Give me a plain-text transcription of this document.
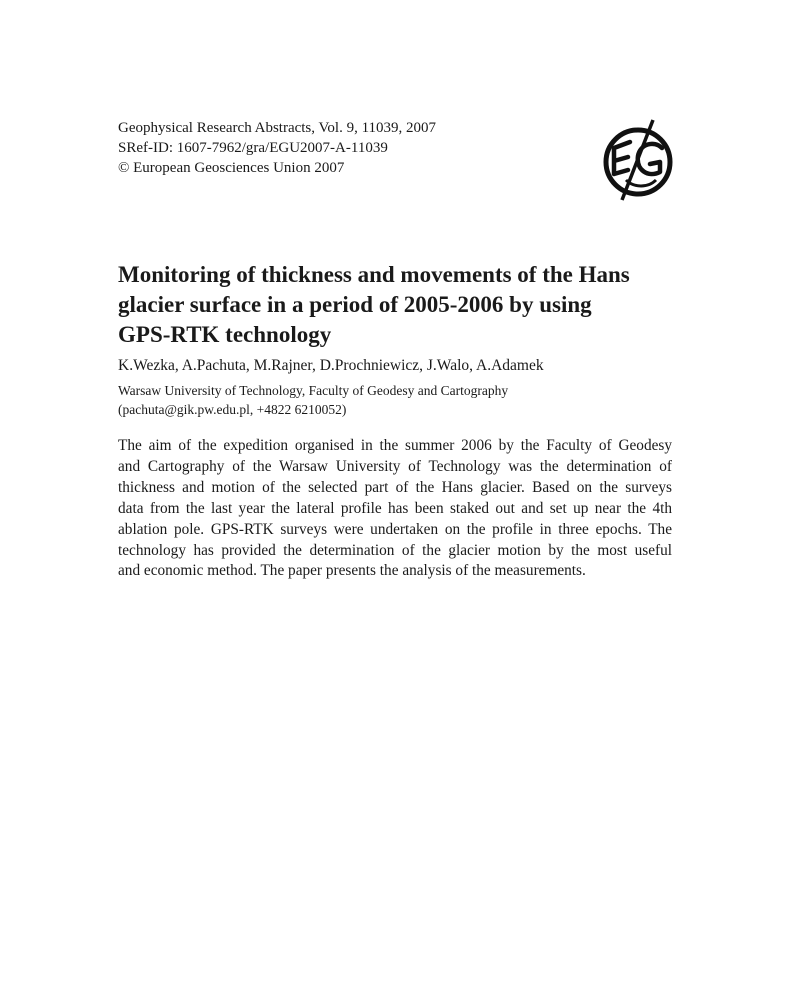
Geophysical Research Abstracts, Vol. 9, 11039, 2007
SRef-ID: 1607-7962/gra/EGU2007-A-11039
© European Geosciences Union 2007
Monitoring of thickness and movements of the Hans
glacier surface in a period of 2005-2006 by using
GPS-RTK technology
K.Wezka, A.Pachuta, M.Rajner, D.Prochniewicz, J.Walo, A.Adamek
Warsaw University of Technology, Faculty of Geodesy and Cartography
(pachuta@gik.pw.edu.pl, +4822 6210052)
The aim of the expedition organised in the summer 2006 by the Faculty of Geodesy
and Cartography of the Warsaw University of Technology was the determination of
thickness and motion of the selected part of the Hans glacier. Based on the surveys
data from the last year the lateral profile has been staked out and set up near the 4th
ablation pole. GPS-RTK surveys were undertaken on the profile in three epochs. The
technology has provided the determination of the glacier motion by the most useful
and economic method. The paper presents the analysis of the measurements.
